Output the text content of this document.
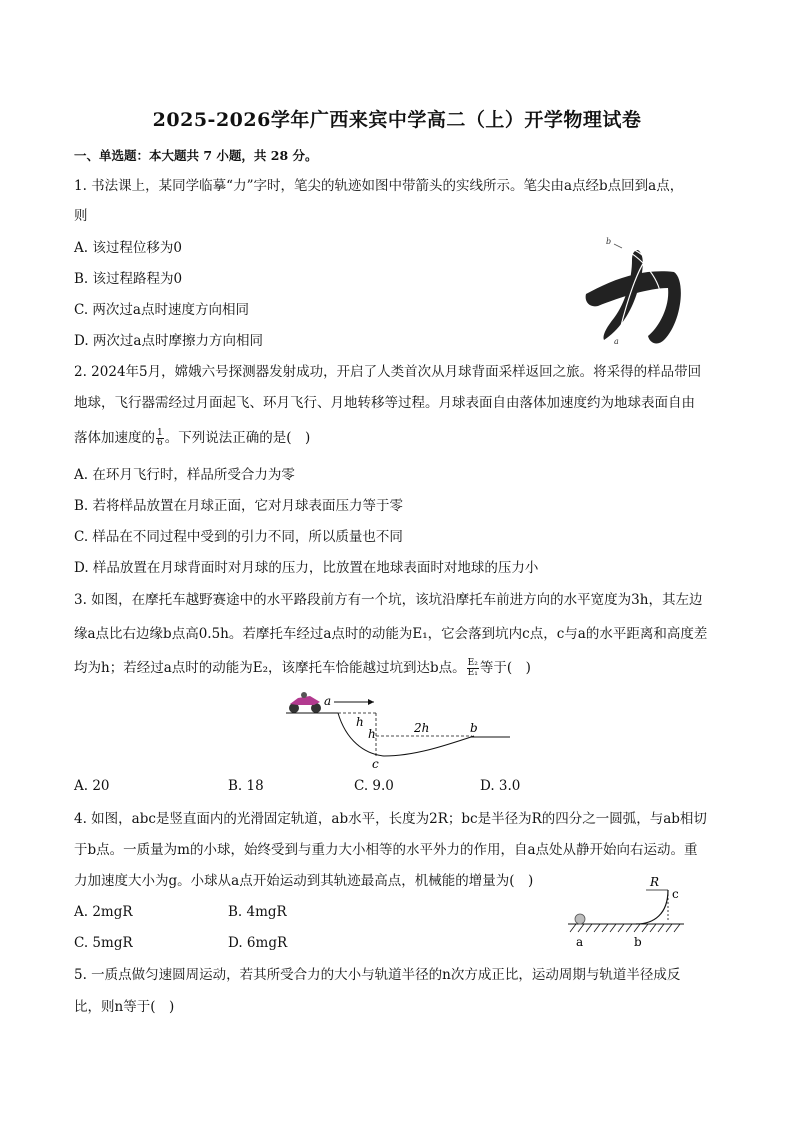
2025-2026学年广西来宾中学高二（上）开学物理试卷
一、单选题：本大题共 7 小题，共 28 分。
1. 书法课上，某同学临摹“力”字时，笔尖的轨迹如图中带箭头的实线所示。笔尖由a点经b点回到a点，
则
A. 该过程位移为0
B. 该过程路程为0
C. 两次过a点时速度方向相同
D. 两次过a点时摩擦力方向相同
b
a
2. 2024年5月，嫦娥六号探测器发射成功，开启了人类首次从月球背面采样返回之旅。将采得的样品带回
地球，飞行器需经过月面起飞、环月飞行、月地转移等过程。月球表面自由落体加速度约为地球表面自由
落体加速度的 $\frac{1}{6}$ 。下列说法正确的是(　)
A. 在环月飞行时，样品所受合力为零
B. 若将样品放置在月球正面，它对月球表面压力等于零
C. 样品在不同过程中受到的引力不同，所以质量也不同
D. 样品放置在月球背面时对月球的压力，比放置在地球表面时对地球的压力小
3. 如图，在摩托车越野赛途中的水平路段前方有一个坑，该坑沿摩托车前进方向的水平宽度为3h，其左边
缘a点比右边缘b点高0.5h。若摩托车经过a点时的动能为E₁，它会落到坑内c点，c与a的水平距离和高度差
均为h；若经过a点时的动能为E₂，该摩托车恰能越过坑到达b点。 $\frac{\text{E₂}}{\text{E₁}}$ 等于(　)
a
h
h	2h	b
c
A. 20	B. 18	C. 9.0	D. 3.0
4. 如图，abc是竖直面内的光滑固定轨道，ab水平，长度为2R；bc是半径为R的四分之一圆弧，与ab相切
于b点。一质量为m的小球，始终受到与重力大小相等的水平外力的作用，自a点处从静开始向右运动。重
力加速度大小为g。小球从a点开始运动到其轨迹最高点，机械能的增量为(　)
A. 2mgR	B. 4mgR
C. 5mgR	D. 6mgR
R
c
a	b
5. 一质点做匀速圆周运动，若其所受合力的大小与轨道半径的n次方成正比，运动周期与轨道半径成反
比，则n等于(　)
